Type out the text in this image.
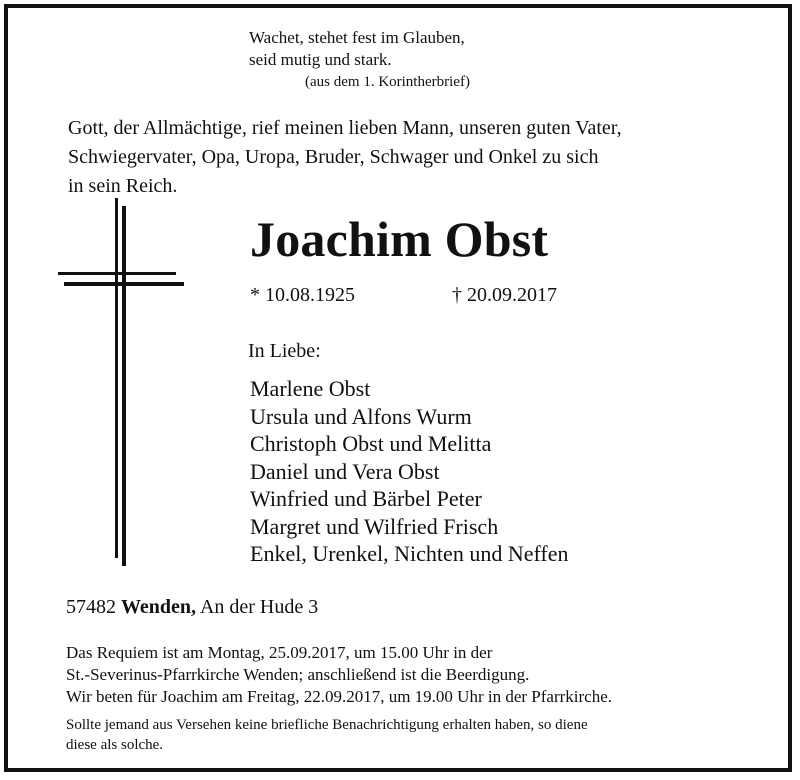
Wachet, stehet fest im Glauben,
seid mutig und stark.
(aus dem 1. Korintherbrief)
Gott, der Allmächtige, rief meinen lieben Mann, unseren guten Vater,
Schwiegervater, Opa, Uropa, Bruder, Schwager und Onkel zu sich
in sein Reich.
Joachim Obst
* 10.08.1925	† 20.09.2017
In Liebe:
Marlene Obst
Ursula und Alfons Wurm
Christoph Obst und Melitta
Daniel und Vera Obst
Winfried und Bärbel Peter
Margret und Wilfried Frisch
Enkel, Urenkel, Nichten und Neffen
57482 Wenden, An der Hude 3
Das Requiem ist am Montag, 25.09.2017, um 15.00 Uhr in der
St.-Severinus-Pfarrkirche Wenden; anschließend ist die Beerdigung.
Wir beten für Joachim am Freitag, 22.09.2017, um 19.00 Uhr in der Pfarrkirche.
Sollte jemand aus Versehen keine briefliche Benachrichtigung erhalten haben, so diene
diese als solche.
